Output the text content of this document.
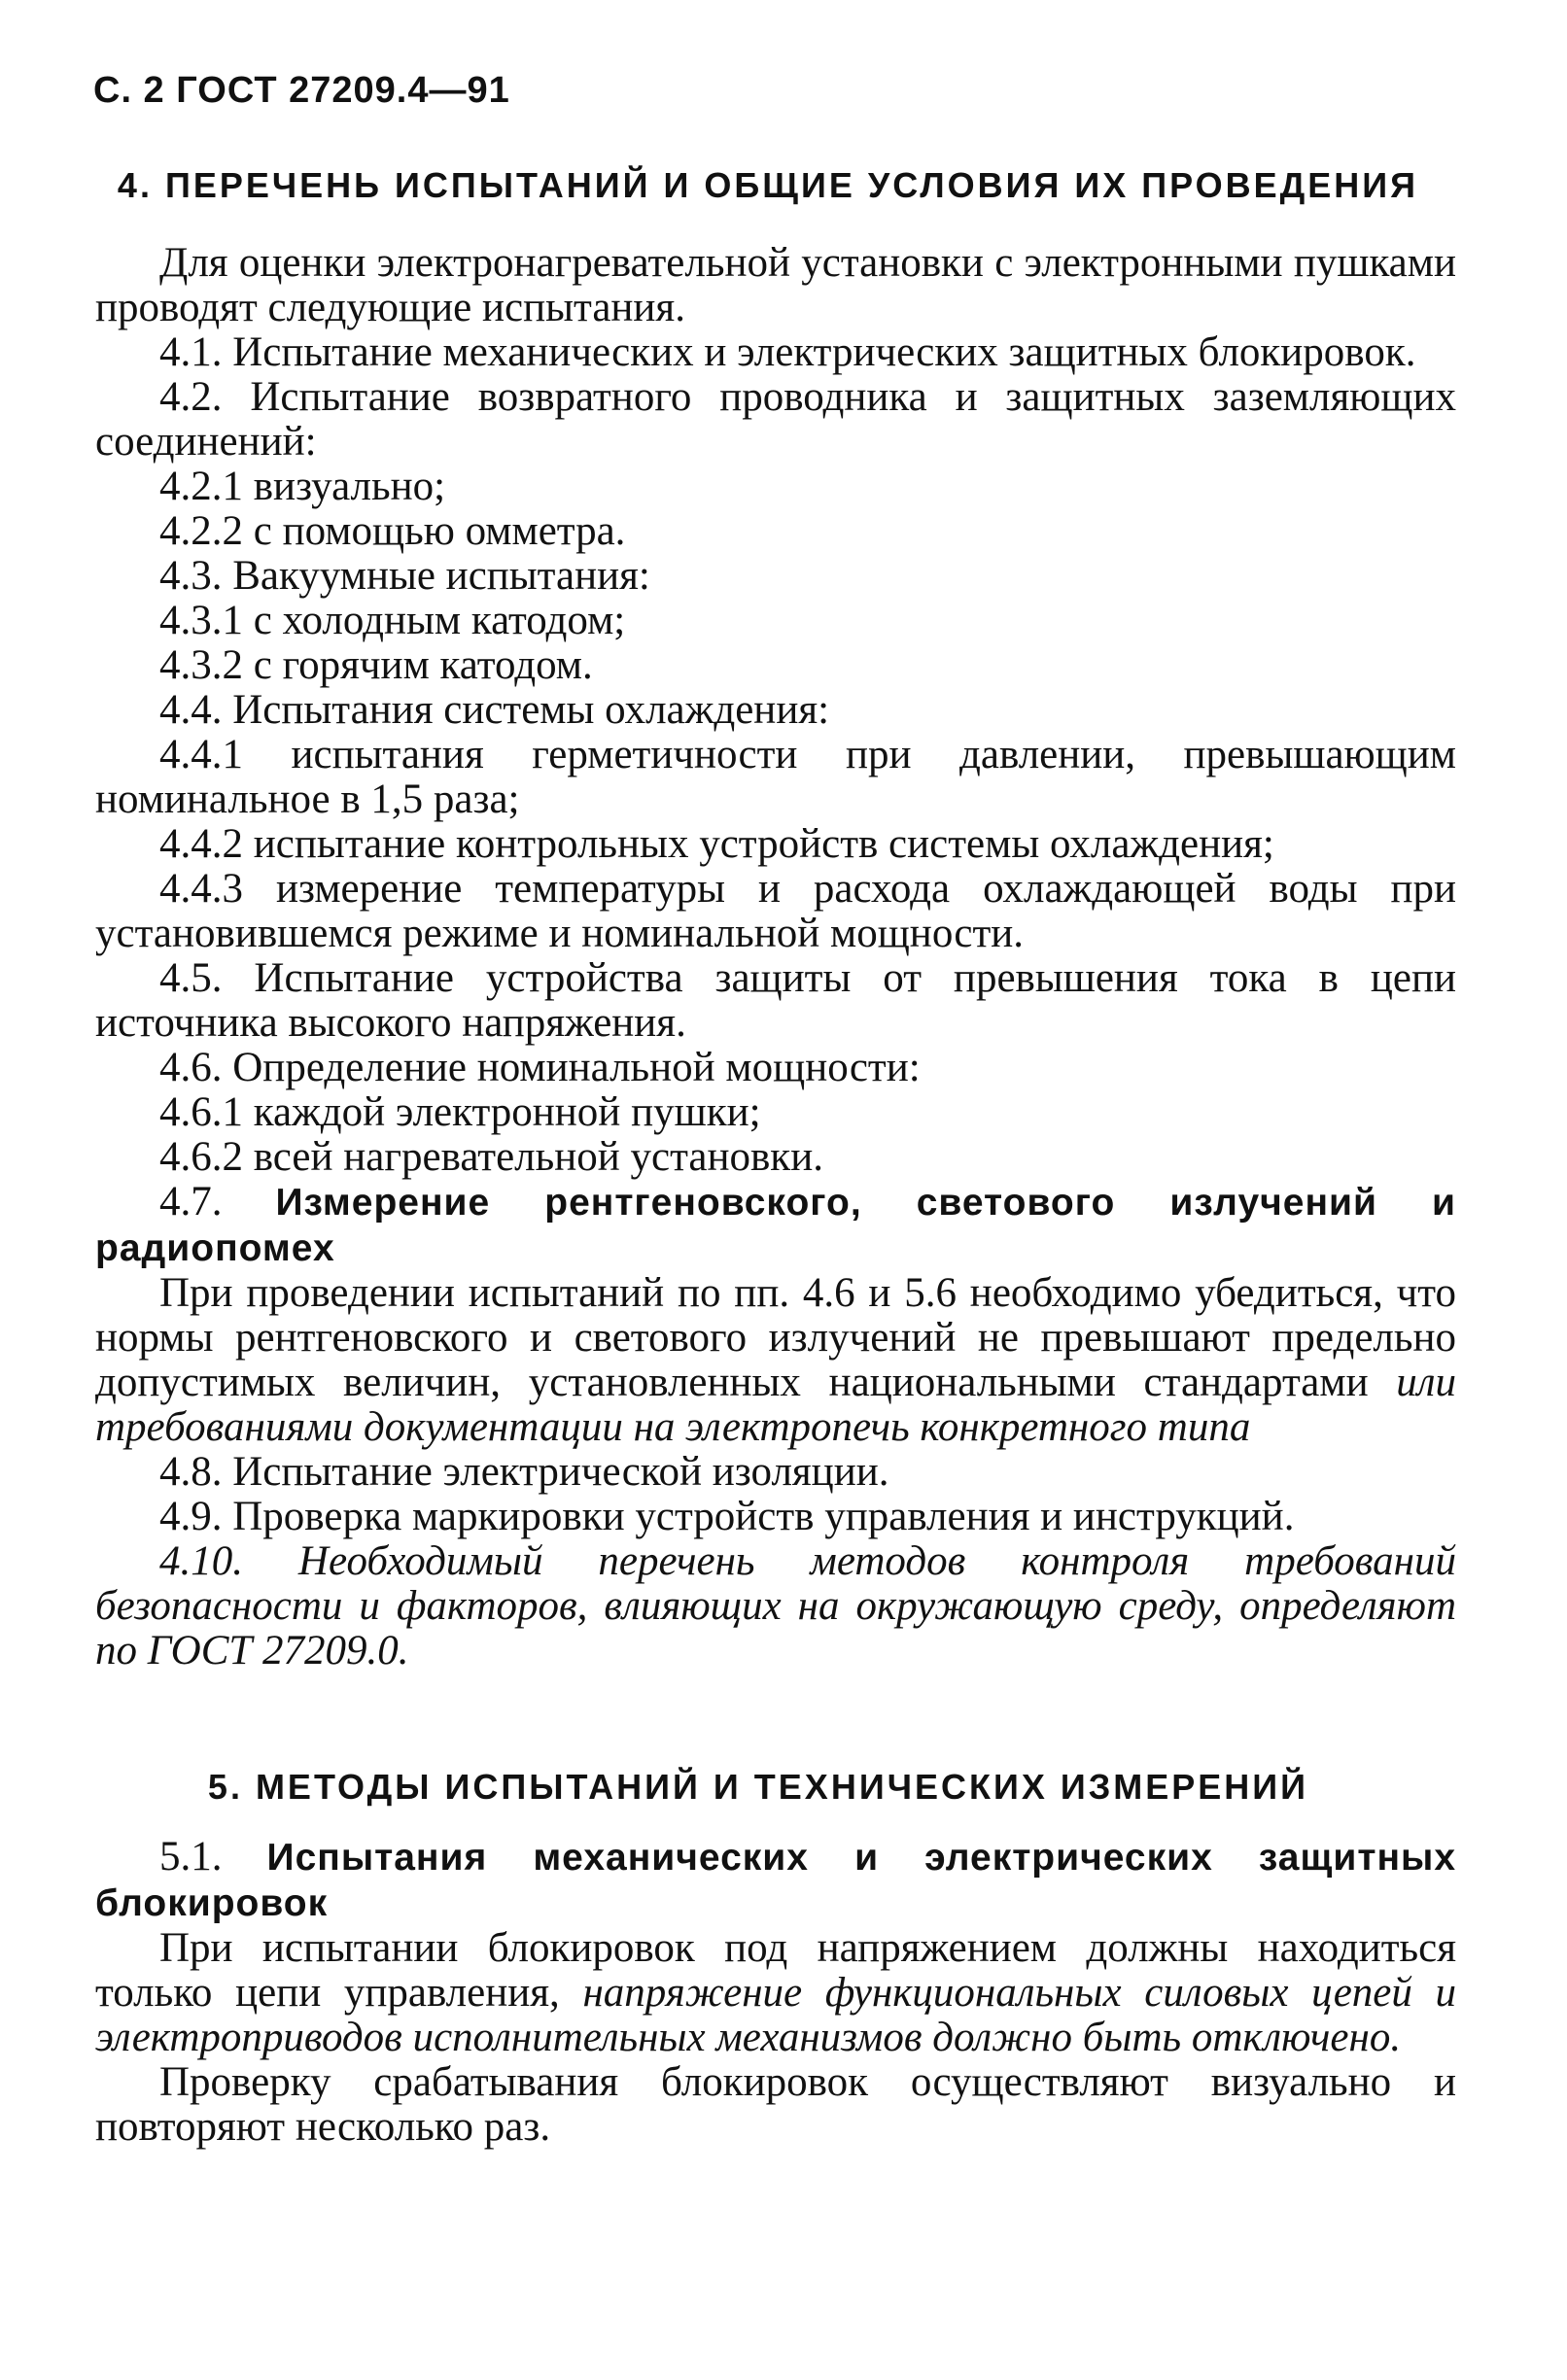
С. 2 ГОСТ 27209.4—91
4. ПЕРЕЧЕНЬ ИСПЫТАНИЙ И ОБЩИЕ УСЛОВИЯ ИХ ПРОВЕДЕНИЯ

Для оценки электронагревательной установки с электронными пушками проводят следующие испытания.

4.1. Испытание механических и электрических защитных блокировок.

4.2. Испытание возвратного проводника и защитных заземляющих соединений:

4.2.1 визуально;

4.2.2 с помощью омметра.

4.3. Вакуумные испытания:

4.3.1 с холодным катодом;

4.3.2 с горячим катодом.

4.4. Испытания системы охлаждения:

4.4.1 испытания герметичности при давлении, превышающим номинальное в 1,5 раза;

4.4.2 испытание контрольных устройств системы охлаждения;

4.4.3 измерение температуры и расхода охлаждающей воды при установившемся режиме и номинальной мощности.

4.5. Испытание устройства защиты от превышения тока в цепи источника высокого напряжения.

4.6. Определение номинальной мощности:

4.6.1 каждой электронной пушки;

4.6.2 всей нагревательной установки.

4.7. Измерение рентгеновского, светового излучений и радиопомех

При проведении испытаний по пп. 4.6 и 5.6 необходимо убедиться, что нормы рентгеновского и светового излучений не превышают предельно допустимых величин, установленных национальными стандартами или требованиями документации на электропечь конкретного типа

4.8. Испытание электрической изоляции.

4.9. Проверка маркировки устройств управления и инструкций.

4.10. Необходимый перечень методов контроля требований безопасности и факторов, влияющих на окружающую среду, определяют по ГОСТ 27209.0.

5. МЕТОДЫ ИСПЫТАНИЙ И ТЕХНИЧЕСКИХ ИЗМЕРЕНИЙ

5.1. Испытания механических и электрических защитных блокировок

При испытании блокировок под напряжением должны находиться только цепи управления, напряжение функциональных силовых цепей и электроприводов исполнительных механизмов должно быть отключено.

Проверку срабатывания блокировок осуществляют визуально и повторяют несколько раз.
